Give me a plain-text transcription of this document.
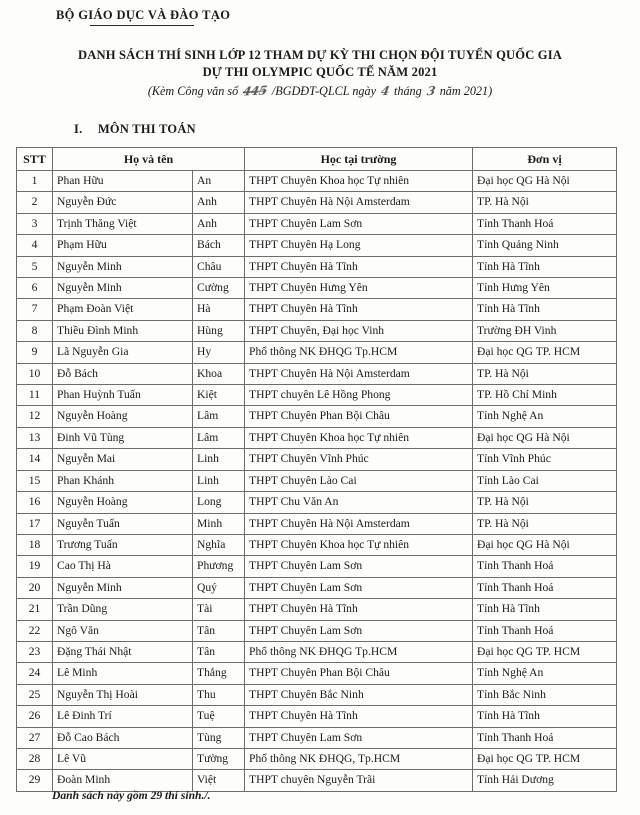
BỘ GIÁO DỤC VÀ ĐÀO TẠO
DANH SÁCH THÍ SINH LỚP 12 THAM DỰ KỲ THI CHỌN ĐỘI TUYỂN QUỐC GIA
DỰ THI OLYMPIC QUỐC TẾ NĂM 2021
(Kèm Công văn số 445 /BGDĐT-QLCL ngày 4 tháng 3 năm 2021)
I. MÔN THI TOÁN
STT	Họ và tên		Học tại trường	Đơn vị
1	Phan Hữu	An	THPT Chuyên Khoa học Tự nhiên	Đại học QG Hà Nội
2	Nguyễn Đức	Anh	THPT Chuyên Hà Nội Amsterdam	TP. Hà Nội
3	Trịnh Thăng Việt	Anh	THPT Chuyên Lam Sơn	Tỉnh Thanh Hoá
4	Phạm Hữu	Bách	THPT Chuyên Hạ Long	Tỉnh Quảng Ninh
5	Nguyễn Minh	Châu	THPT Chuyên Hà Tĩnh	Tỉnh Hà Tĩnh
6	Nguyễn Minh	Cường	THPT Chuyên Hưng Yên	Tỉnh Hưng Yên
7	Phạm Đoàn Việt	Hà	THPT Chuyên Hà Tĩnh	Tỉnh Hà Tĩnh
8	Thiều Đình Minh	Hùng	THPT Chuyên, Đại học Vinh	Trường ĐH Vinh
9	Lã Nguyễn Gia	Hy	Phổ thông NK ĐHQG Tp.HCM	Đại học QG TP. HCM
10	Đỗ Bách	Khoa	THPT Chuyên Hà Nội Amsterdam	TP. Hà Nội
11	Phan Huỳnh Tuấn	Kiệt	THPT chuyên Lê Hồng Phong	TP. Hồ Chí Minh
12	Nguyễn Hoàng	Lâm	THPT Chuyên Phan Bội Châu	Tỉnh Nghệ An
13	Đinh Vũ Tùng	Lâm	THPT Chuyên Khoa học Tự nhiên	Đại học QG Hà Nội
14	Nguyễn Mai	Linh	THPT Chuyên Vĩnh Phúc	Tỉnh Vĩnh Phúc
15	Phan Khánh	Linh	THPT Chuyên Lào Cai	Tỉnh Lào Cai
16	Nguyễn Hoàng	Long	THPT Chu Văn An	TP. Hà Nội
17	Nguyễn Tuấn	Minh	THPT Chuyên Hà Nội Amsterdam	TP. Hà Nội
18	Trương Tuấn	Nghĩa	THPT Chuyên Khoa học Tự nhiên	Đại học QG Hà Nội
19	Cao Thị Hà	Phương	THPT Chuyên Lam Sơn	Tỉnh Thanh Hoá
20	Nguyễn Minh	Quý	THPT Chuyên Lam Sơn	Tỉnh Thanh Hoá
21	Trần Dũng	Tài	THPT Chuyên Hà Tĩnh	Tỉnh Hà Tĩnh
22	Ngô Văn	Tân	THPT Chuyên Lam Sơn	Tỉnh Thanh Hoá
23	Đặng Thái Nhật	Tân	Phổ thông NK ĐHQG Tp.HCM	Đại học QG TP. HCM
24	Lê Minh	Thắng	THPT Chuyên Phan Bội Châu	Tỉnh Nghệ An
25	Nguyễn Thị Hoài	Thu	THPT Chuyên Bắc Ninh	Tỉnh Bắc Ninh
26	Lê Đinh Trí	Tuệ	THPT Chuyên Hà Tĩnh	Tỉnh Hà Tĩnh
27	Đỗ Cao Bách	Tùng	THPT Chuyên Lam Sơn	Tỉnh Thanh Hoá
28	Lê Vũ	Tường	Phổ thông NK ĐHQG, Tp.HCM	Đại học QG TP. HCM
29	Đoàn Minh	Việt	THPT chuyên Nguyễn Trãi	Tỉnh Hải Dương
Danh sách này gồm 29 thí sinh./.
